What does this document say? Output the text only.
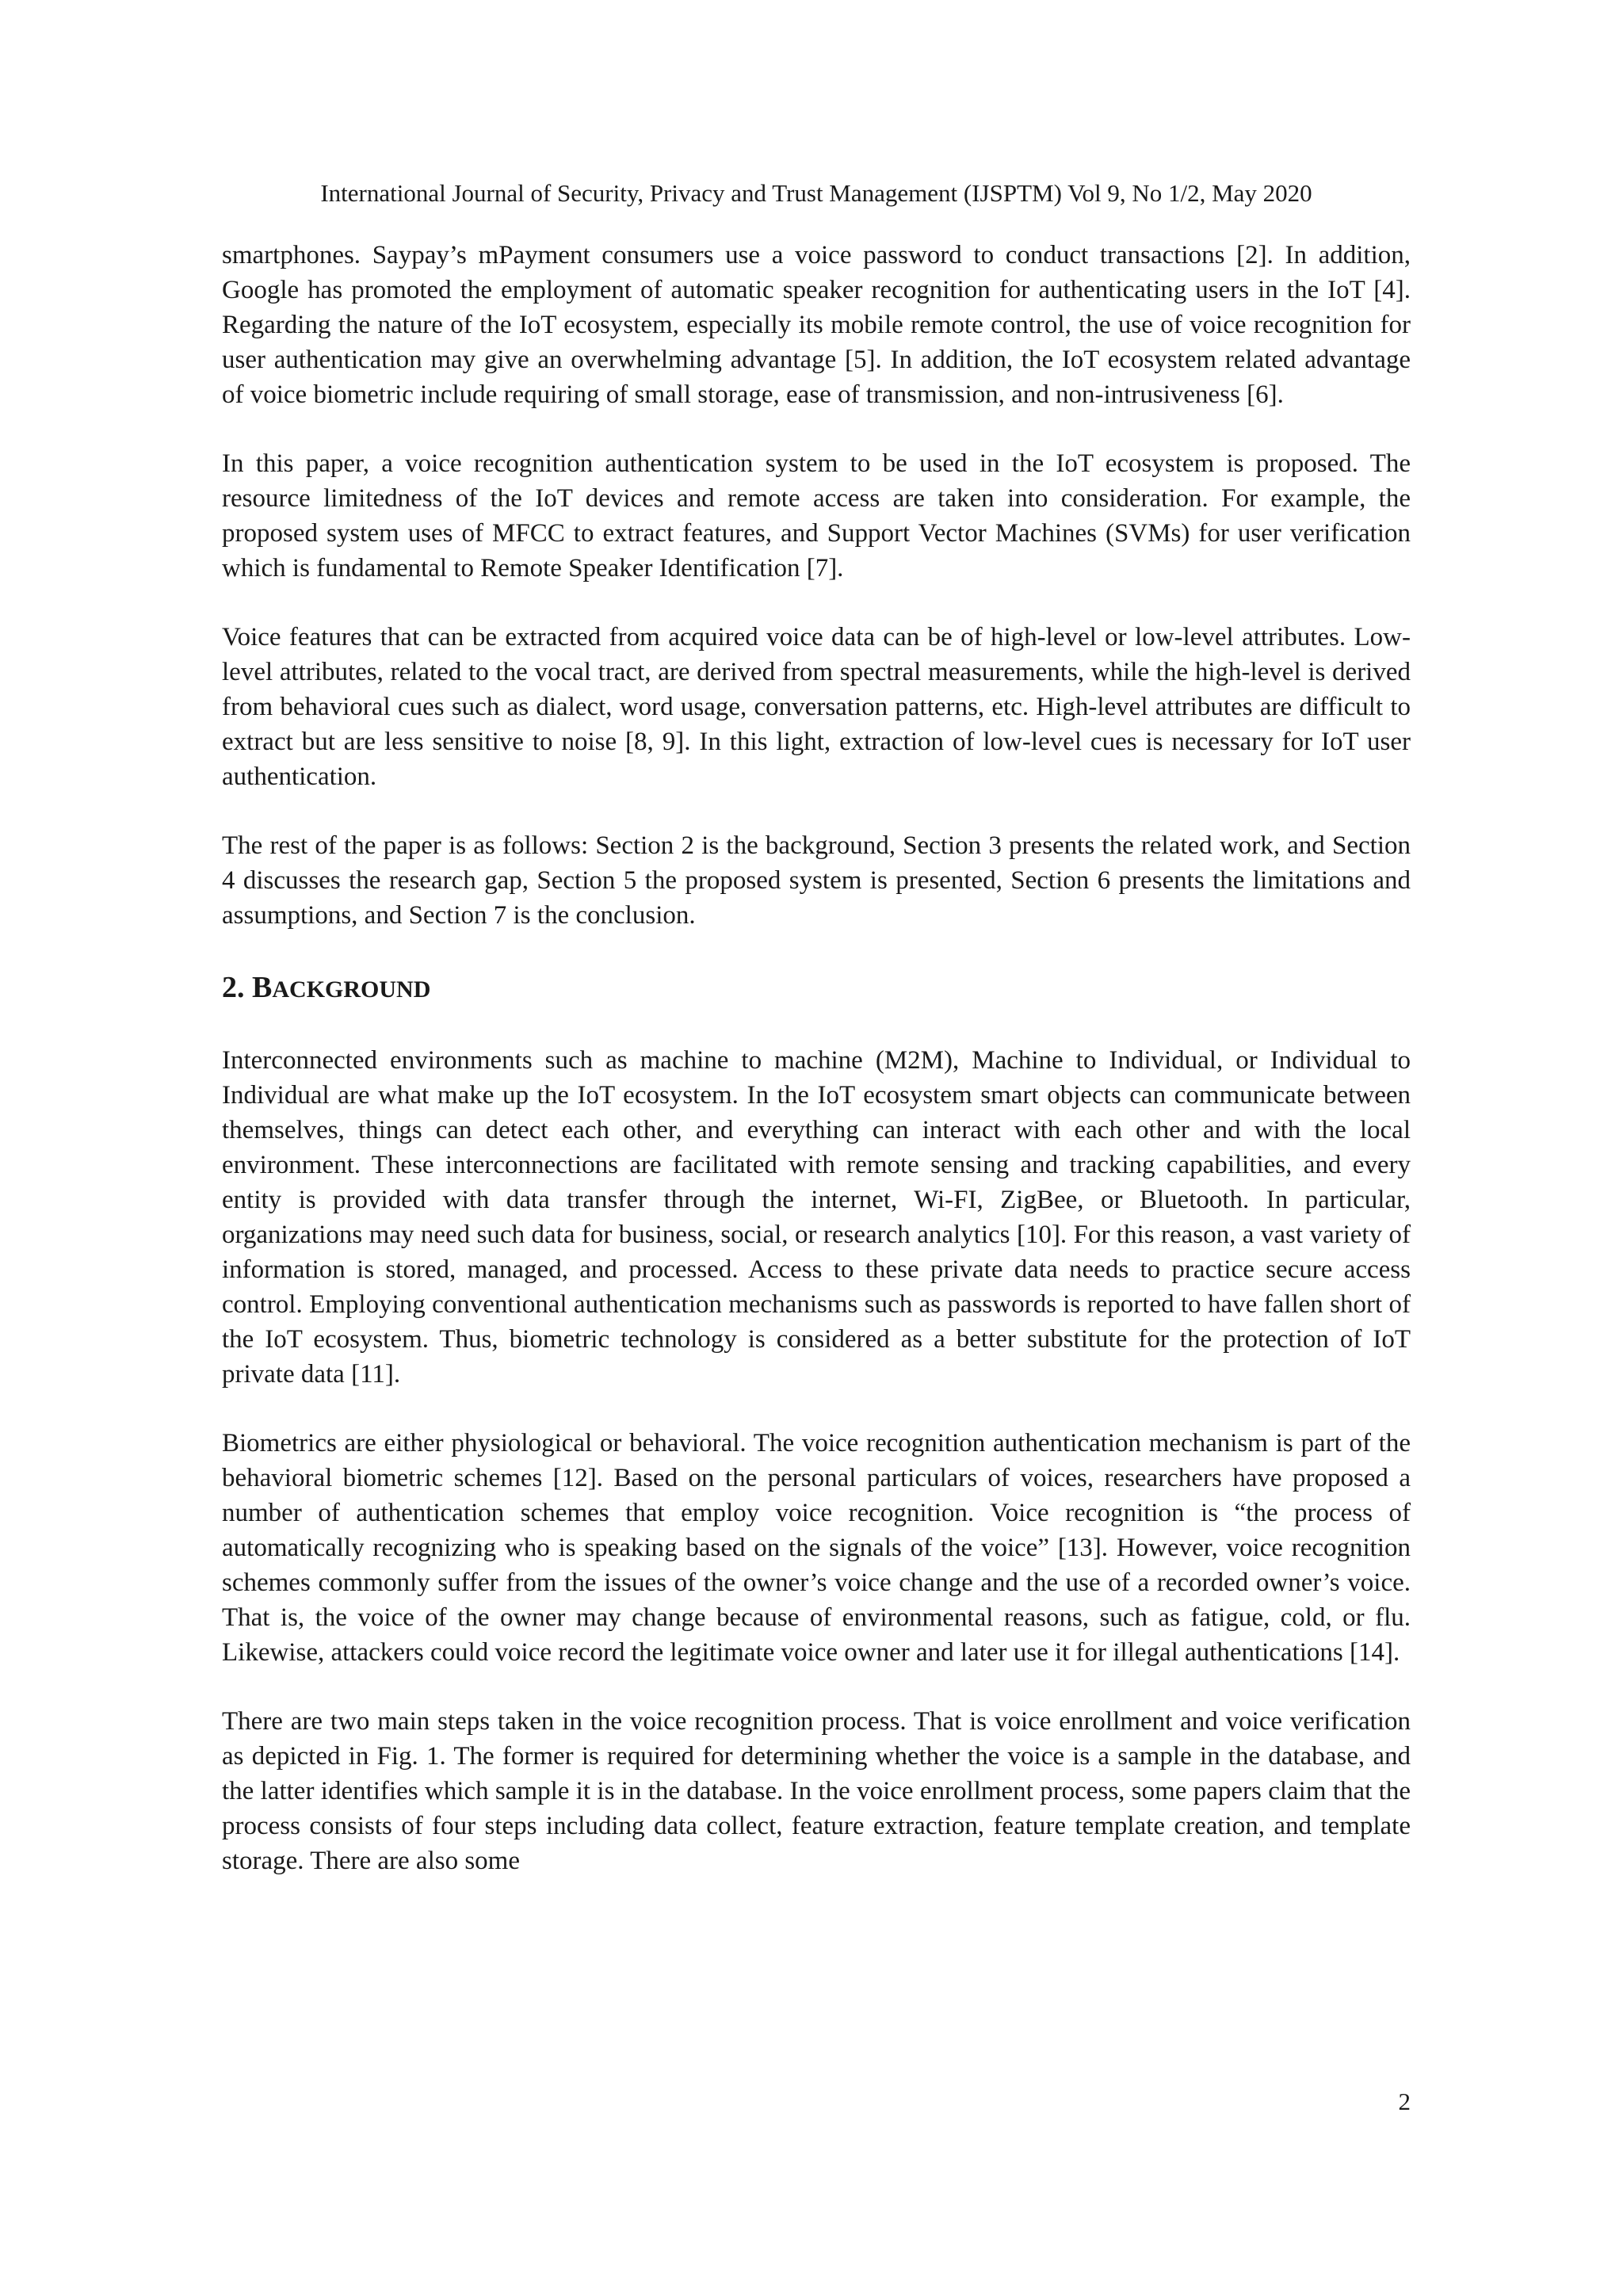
International Journal of Security, Privacy and Trust Management (IJSPTM) Vol 9, No 1/2, May 2020

smartphones. Saypay’s mPayment consumers use a voice password to conduct transactions [2]. In addition, Google has promoted the employment of automatic speaker recognition for authenticating users in the IoT [4]. Regarding the nature of the IoT ecosystem, especially its mobile remote control, the use of voice recognition for user authentication may give an overwhelming advantage [5]. In addition, the IoT ecosystem related advantage of voice biometric include requiring of small storage, ease of transmission, and non-intrusiveness [6].

In this paper, a voice recognition authentication system to be used in the IoT ecosystem is proposed. The resource limitedness of the IoT devices and remote access are taken into consideration. For example, the proposed system uses of MFCC to extract features, and Support Vector Machines (SVMs) for user verification which is fundamental to Remote Speaker Identification [7].

Voice features that can be extracted from acquired voice data can be of high-level or low-level attributes. Low-level attributes, related to the vocal tract, are derived from spectral measurements, while the high-level is derived from behavioral cues such as dialect, word usage, conversation patterns, etc. High-level attributes are difficult to extract but are less sensitive to noise [8, 9]. In this light, extraction of low-level cues is necessary for IoT user authentication.

The rest of the paper is as follows: Section 2 is the background, Section 3 presents the related work, and Section 4 discusses the research gap, Section 5 the proposed system is presented, Section 6 presents the limitations and assumptions, and Section 7 is the conclusion.

2. BACKGROUND

Interconnected environments such as machine to machine (M2M), Machine to Individual, or Individual to Individual are what make up the IoT ecosystem. In the IoT ecosystem smart objects can communicate between themselves, things can detect each other, and everything can interact with each other and with the local environment. These interconnections are facilitated with remote sensing and tracking capabilities, and every entity is provided with data transfer through the internet, Wi-FI, ZigBee, or Bluetooth. In particular, organizations may need such data for business, social, or research analytics [10]. For this reason, a vast variety of information is stored, managed, and processed. Access to these private data needs to practice secure access control. Employing conventional authentication mechanisms such as passwords is reported to have fallen short of the IoT ecosystem. Thus, biometric technology is considered as a better substitute for the protection of IoT private data [11].

Biometrics are either physiological or behavioral. The voice recognition authentication mechanism is part of the behavioral biometric schemes [12]. Based on the personal particulars of voices, researchers have proposed a number of authentication schemes that employ voice recognition. Voice recognition is “the process of automatically recognizing who is speaking based on the signals of the voice” [13]. However, voice recognition schemes commonly suffer from the issues of the owner’s voice change and the use of a recorded owner’s voice. That is, the voice of the owner may change because of environmental reasons, such as fatigue, cold, or flu. Likewise, attackers could voice record the legitimate voice owner and later use it for illegal authentications [14].

There are two main steps taken in the voice recognition process. That is voice enrollment and voice verification as depicted in Fig. 1. The former is required for determining whether the voice is a sample in the database, and the latter identifies which sample it is in the database. In the voice enrollment process, some papers claim that the process consists of four steps including data collect, feature extraction, feature template creation, and template storage. There are also some

2
